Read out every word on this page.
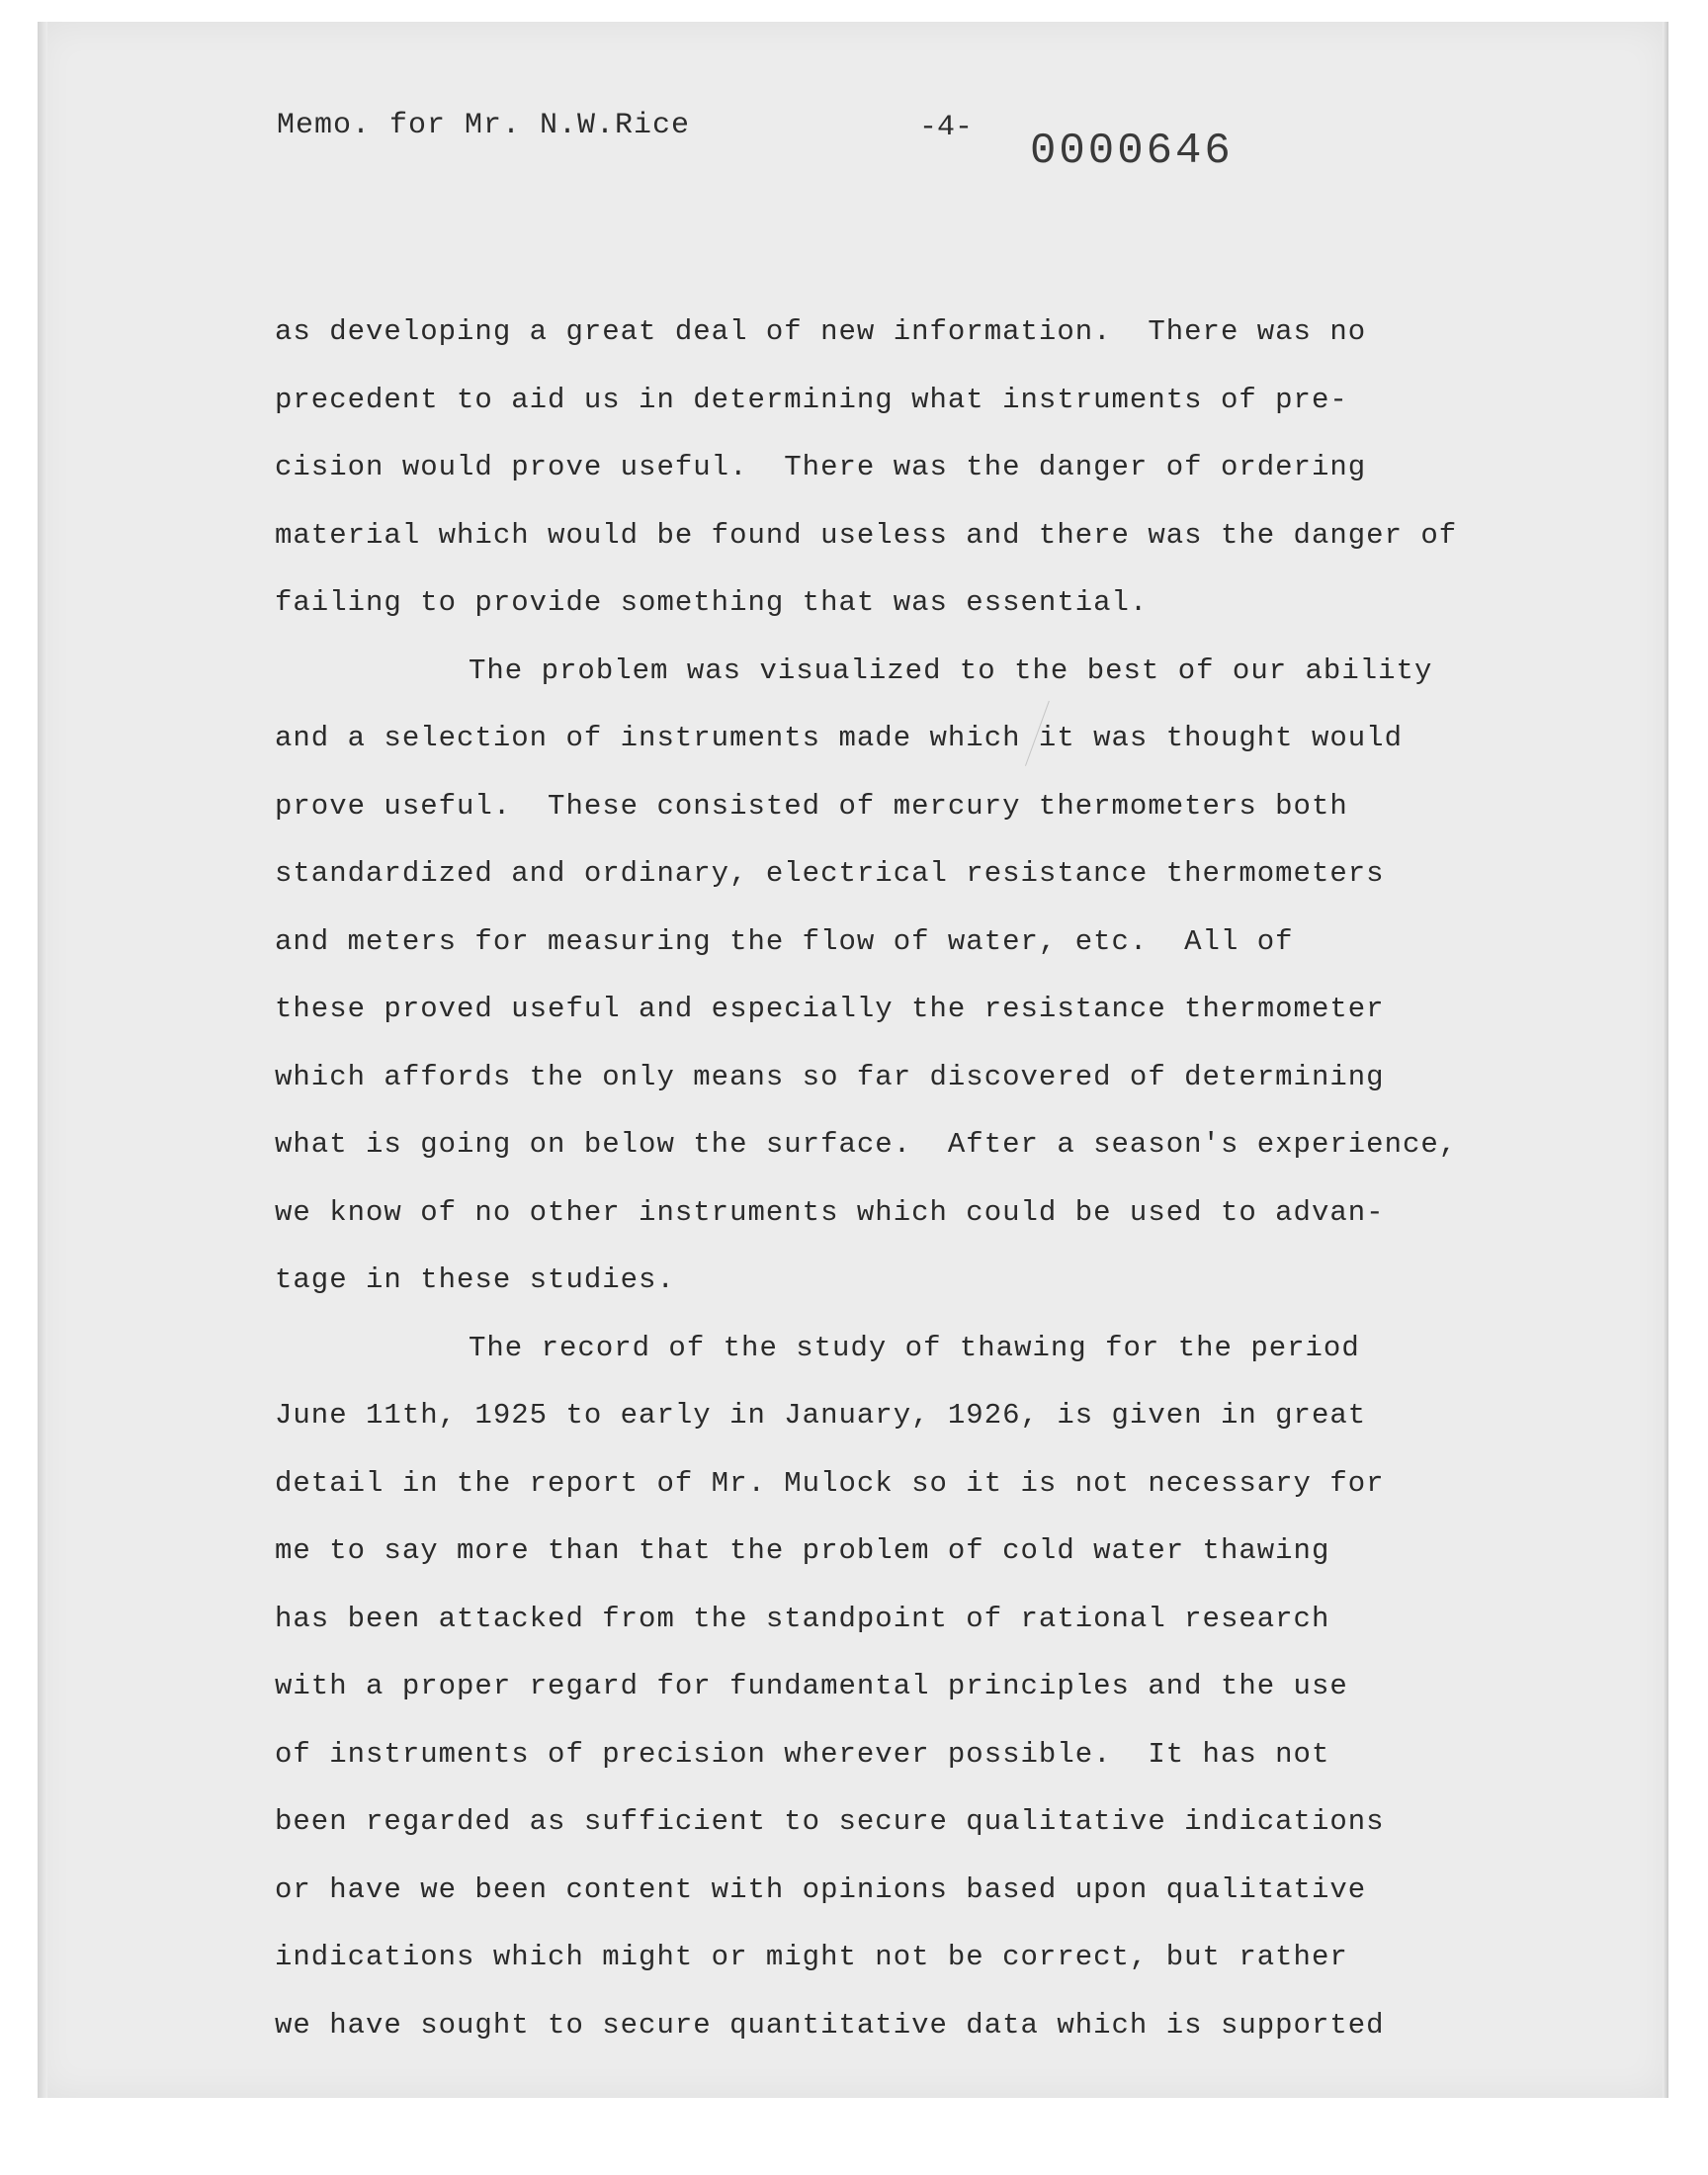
Memo. for Mr. N.W.Rice	-4- 0000646
as developing a great deal of new information.  There was no
precedent to aid us in determining what instruments of pre-
cision would prove useful.  There was the danger of ordering
material which would be found useless and there was the danger of
failing to provide something that was essential.
The problem was visualized to the best of our ability
and a selection of instruments made which it was thought would
prove useful.  These consisted of mercury thermometers both
standardized and ordinary, electrical resistance thermometers
and meters for measuring the flow of water, etc.  All of
these proved useful and especially the resistance thermometer
which affords the only means so far discovered of determining
what is going on below the surface.  After a season's experience,
we know of no other instruments which could be used to advan-
tage in these studies.
The record of the study of thawing for the period
June 11th, 1925 to early in January, 1926, is given in great
detail in the report of Mr. Mulock so it is not necessary for
me to say more than that the problem of cold water thawing
has been attacked from the standpoint of rational research
with a proper regard for fundamental principles and the use
of instruments of precision wherever possible.  It has not
been regarded as sufficient to secure qualitative indications
or have we been content with opinions based upon qualitative
indications which might or might not be correct, but rather
we have sought to secure quantitative data which is supported
